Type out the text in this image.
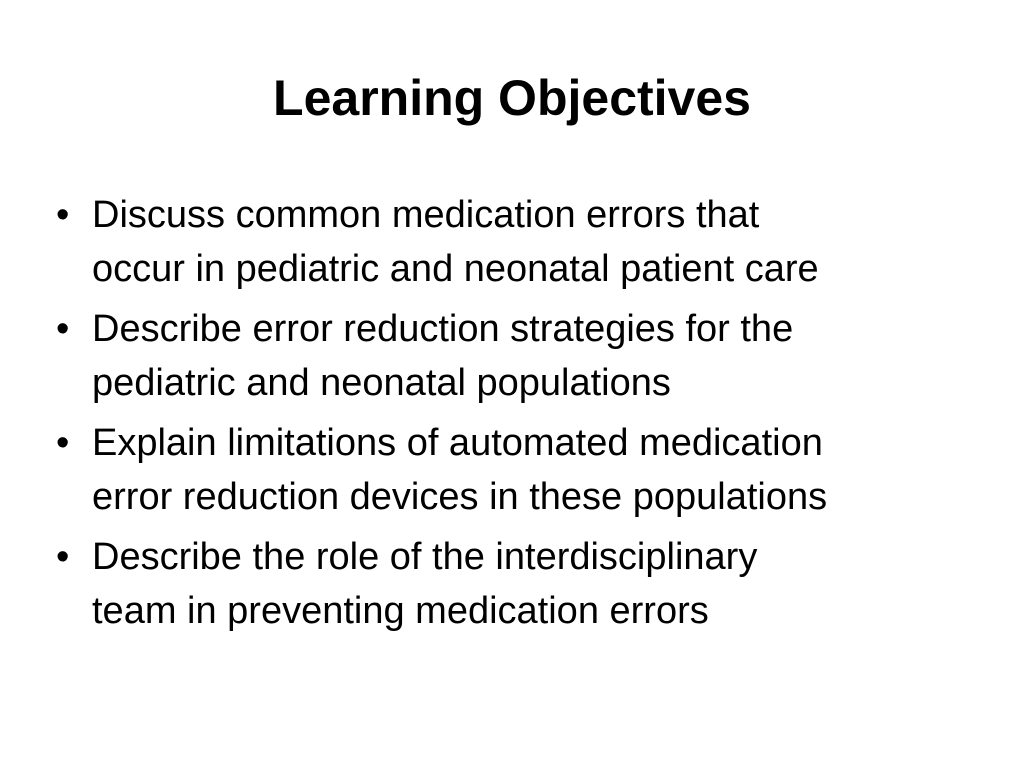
Learning Objectives
• Discuss common medication errors that
occur in pediatric and neonatal patient care
• Describe error reduction strategies for the
pediatric and neonatal populations
• Explain limitations of automated medication
error reduction devices in these populations
• Describe the role of the interdisciplinary
team in preventing medication errors
